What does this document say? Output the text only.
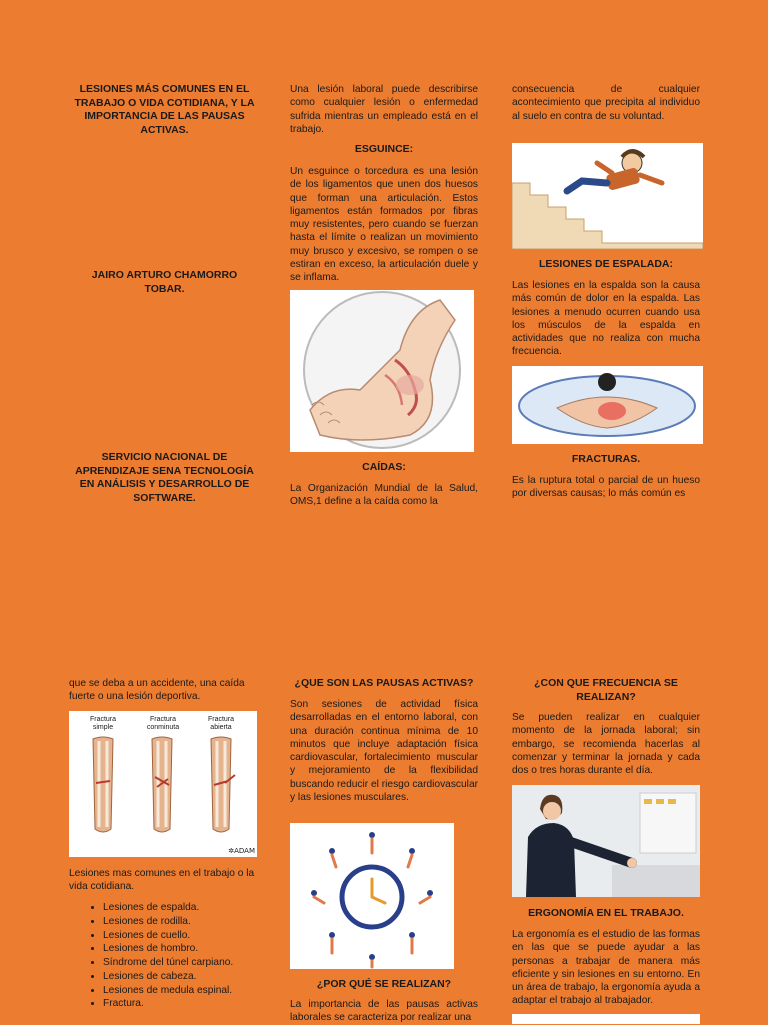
LESIONES MÁS COMUNES EN EL TRABAJO O VIDA COTIDIANA, Y LA IMPORTANCIA DE LAS PAUSAS ACTIVAS.
JAIRO ARTURO CHAMORRO TOBAR.
SERVICIO NACIONAL DE APRENDIZAJE SENA TECNOLOGÍA EN ANÁLISIS Y DESARROLLO DE SOFTWARE.
Una lesión laboral puede describirse como cualquier lesión o enfermedad sufrida mientras un empleado está en el trabajo.
ESGUINCE:
Un esguince o torcedura es una lesión de los ligamentos que unen dos huesos que forman una articulación. Estos ligamentos están formados por fibras muy resistentes, pero cuando se fuerzan hasta el límite o realizan un movimiento muy brusco y excesivo, se rompen o se estiran en exceso, la articulación duele y se inflama.
CAÍDAS:
La Organización Mundial de la Salud, OMS,1 define a la caída como la
consecuencia de cualquier acontecimiento que precipita al individuo al suelo en contra de su voluntad.
LESIONES DE ESPALADA:
Las lesiones en la espalda son la causa más común de dolor en la espalda. Las lesiones a menudo ocurren cuando usa los músculos de la espalda en actividades que no realiza con mucha frecuencia.
FRACTURAS.
Es la ruptura total o parcial de un hueso por diversas causas; lo más común es
que se deba a un accidente, una caída fuerte o una lesión deportiva.
Fractura simple
Fractura conminuta
Fractura abierta
✲ADAM
Lesiones mas comunes en el trabajo o la vida cotidiana.
• Lesiones de espalda.
• Lesiones de rodilla.
• Lesiones de cuello.
• Lesiones de hombro.
• Síndrome del túnel carpiano.
• Lesiones de cabeza.
• Lesiones de medula espinal.
• Fractura.
¿QUE SON LAS PAUSAS ACTIVAS?
Son sesiones de actividad física desarrolladas en el entorno laboral, con una duración continua mínima de 10 minutos que incluye adaptación física cardiovascular, fortalecimiento muscular y mejoramiento de la flexibilidad buscando reducir el riesgo cardiovascular y las lesiones musculares.
¿POR QUÉ SE REALIZAN?
La importancia de las pausas activas laborales se caracteriza por realizar una
¿CON QUE FRECUENCIA SE REALIZAN?
Se pueden realizar en cualquier momento de la jornada laboral; sin embargo, se recomienda hacerlas al comenzar y terminar la jornada y cada dos o tres horas durante el día.
ERGONOMÍA EN EL TRABAJO.
La ergonomía es el estudio de las formas en las que se puede ayudar a las personas a trabajar de manera más eficiente y sin lesiones en su entorno. En un área de trabajo, la ergonomía ayuda a adaptar el trabajo al trabajador.
